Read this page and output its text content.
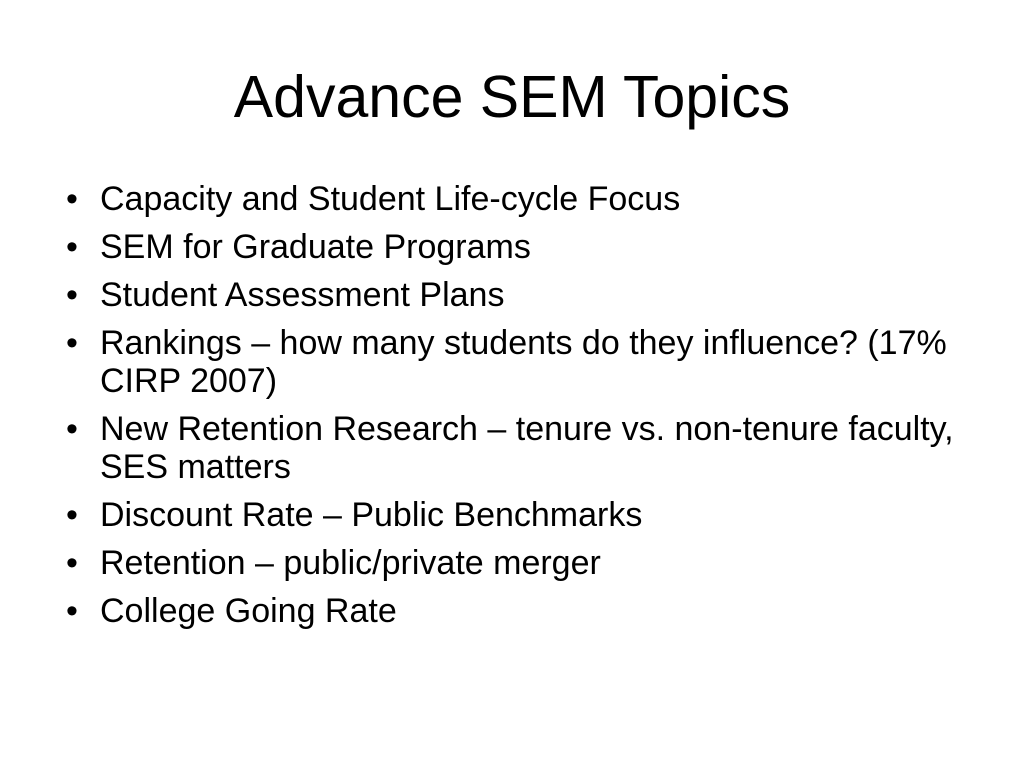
Advance SEM Topics
• Capacity and Student Life-cycle Focus
• SEM for Graduate Programs
• Student Assessment Plans
• Rankings – how many students do they influence? (17% CIRP 2007)
• New Retention Research – tenure vs. non-tenure faculty, SES matters
• Discount Rate – Public Benchmarks
• Retention – public/private merger
• College Going Rate
